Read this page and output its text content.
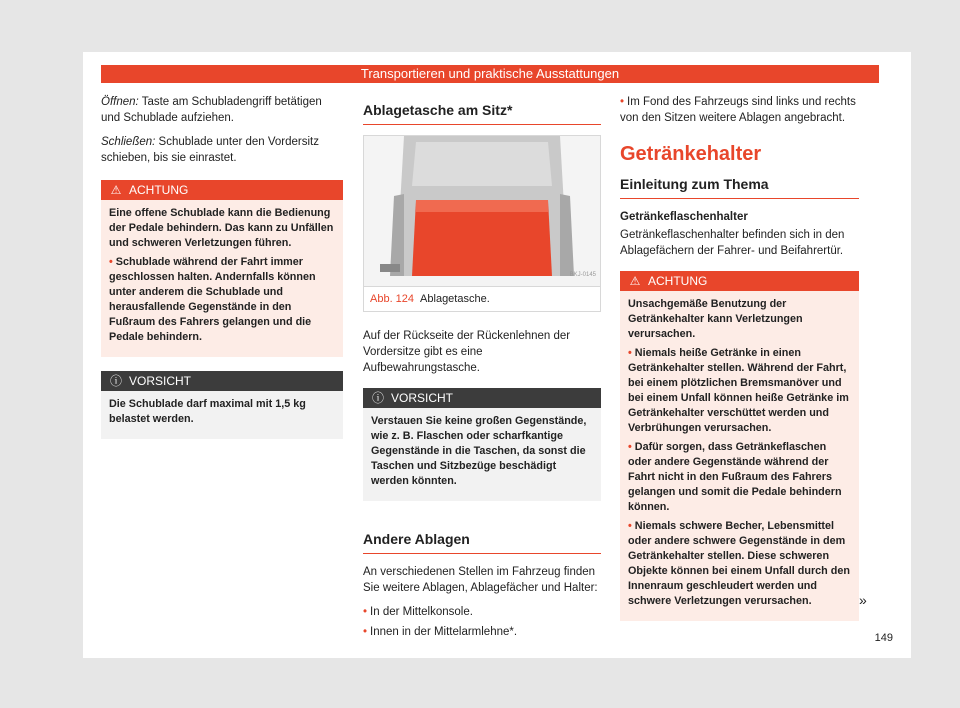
Transportieren und praktische Ausstattungen

Öffnen: Taste am Schubladengriff betätigen und Schublade aufziehen.

Schließen: Schublade unter den Vordersitz schieben, bis sie einrastet.

⚠ ACHTUNG

Eine offene Schublade kann die Bedienung der Pedale behindern. Das kann zu Unfällen und schweren Verletzungen führen.

• Schublade während der Fahrt immer geschlossen halten. Andernfalls können unter anderem die Schublade und herausfallende Gegenstände in den Fußraum des Fahrers gelangen und die Pedale behindern.

ⓘ VORSICHT

Die Schublade darf maximal mit 1,5 kg belastet werden.

Ablagetasche am Sitz*
BKJ-0145
Abb. 124 Ablagetasche.

Auf der Rückseite der Rückenlehnen der Vordersitze gibt es eine Aufbewahrungstasche.

ⓘ VORSICHT

Verstauen Sie keine großen Gegenstände, wie z. B. Flaschen oder scharfkantige Gegenstände in die Taschen, da sonst die Taschen und Sitzbezüge beschädigt werden könnten.

Andere Ablagen

An verschiedenen Stellen im Fahrzeug finden Sie weitere Ablagen, Ablagefächer und Halter:

• In der Mittelkonsole.

• Innen in der Mittelarmlehne*.

• Im Fond des Fahrzeugs sind links und rechts von den Sitzen weitere Ablagen angebracht.

Getränkehalter
Einleitung zum Thema

Getränkeflaschenhalter

Getränkeflaschenhalter befinden sich in den Ablagefächern der Fahrer- und Beifahrertür.

⚠ ACHTUNG

Unsachgemäße Benutzung der Getränkehalter kann Verletzungen verursachen.

• Niemals heiße Getränke in einen Getränkehalter stellen. Während der Fahrt, bei einem plötzlichen Bremsmanöver und bei einem Unfall können heiße Getränke im Getränkehalter verschüttet werden und Verbrühungen verursachen.

• Dafür sorgen, dass Getränkeflaschen oder andere Gegenstände während der Fahrt nicht in den Fußraum des Fahrers gelangen und somit die Pedale behindern können.

• Niemals schwere Becher, Lebensmittel oder andere schwere Gegenstände in dem Getränkehalter stellen. Diese schweren Objekte können bei einem Unfall durch den Innenraum geschleudert werden und schwere Verletzungen verursachen.	»
149
